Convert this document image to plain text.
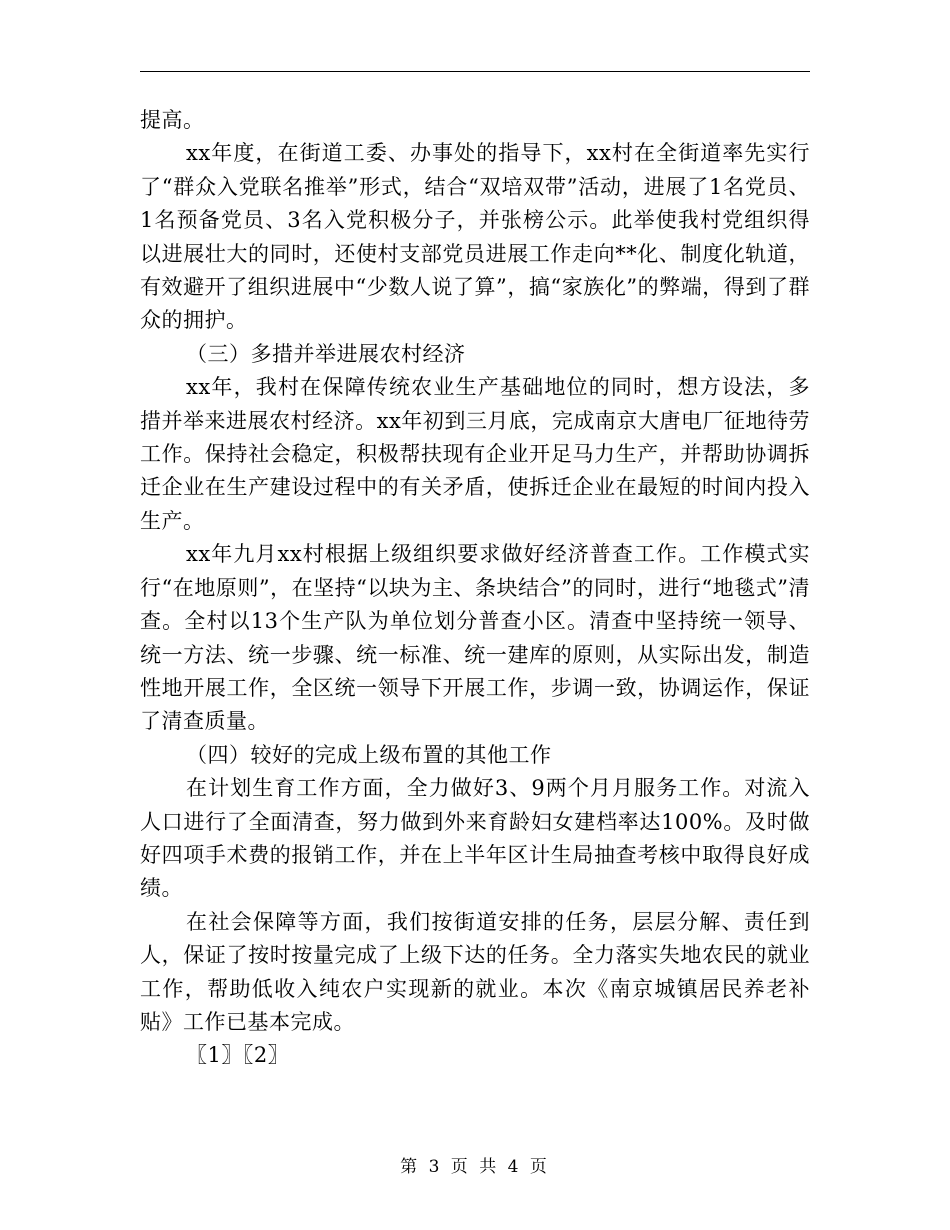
提高。

xx年度，在街道工委、办事处的指导下，xx村在全街道率先实行了“群众入党联名推举”形式，结合“双培双带”活动，进展了1名党员、1名预备党员、3名入党积极分子，并张榜公示。此举使我村党组织得以进展壮大的同时，还使村支部党员进展工作走向**化、制度化轨道，有效避开了组织进展中“少数人说了算”，搞“家族化”的弊端，得到了群众的拥护。

（三）多措并举进展农村经济

xx年，我村在保障传统农业生产基础地位的同时，想方设法，多措并举来进展农村经济。xx年初到三月底，完成南京大唐电厂征地待劳工作。保持社会稳定，积极帮扶现有企业开足马力生产，并帮助协调拆迁企业在生产建设过程中的有关矛盾，使拆迁企业在最短的时间内投入生产。

xx年九月xx村根据上级组织要求做好经济普查工作。工作模式实行“在地原则”，在坚持“以块为主、条块结合”的同时，进行“地毯式”清查。全村以13个生产队为单位划分普查小区。清查中坚持统一领导、统一方法、统一步骤、统一标准、统一建库的原则，从实际出发，制造性地开展工作，全区统一领导下开展工作，步调一致，协调运作，保证了清查质量。

（四）较好的完成上级布置的其他工作

在计划生育工作方面，全力做好3、9两个月月服务工作。对流入人口进行了全面清查，努力做到外来育龄妇女建档率达100%。及时做好四项手术费的报销工作，并在上半年区计生局抽查考核中取得良好成绩。

在社会保障等方面，我们按街道安排的任务，层层分解、责任到人，保证了按时按量完成了上级下达的任务。全力落实失地农民的就业工作，帮助低收入纯农户实现新的就业。本次《南京城镇居民养老补贴》工作已基本完成。

〖1〗〖2〗

第 3 页 共 4 页
